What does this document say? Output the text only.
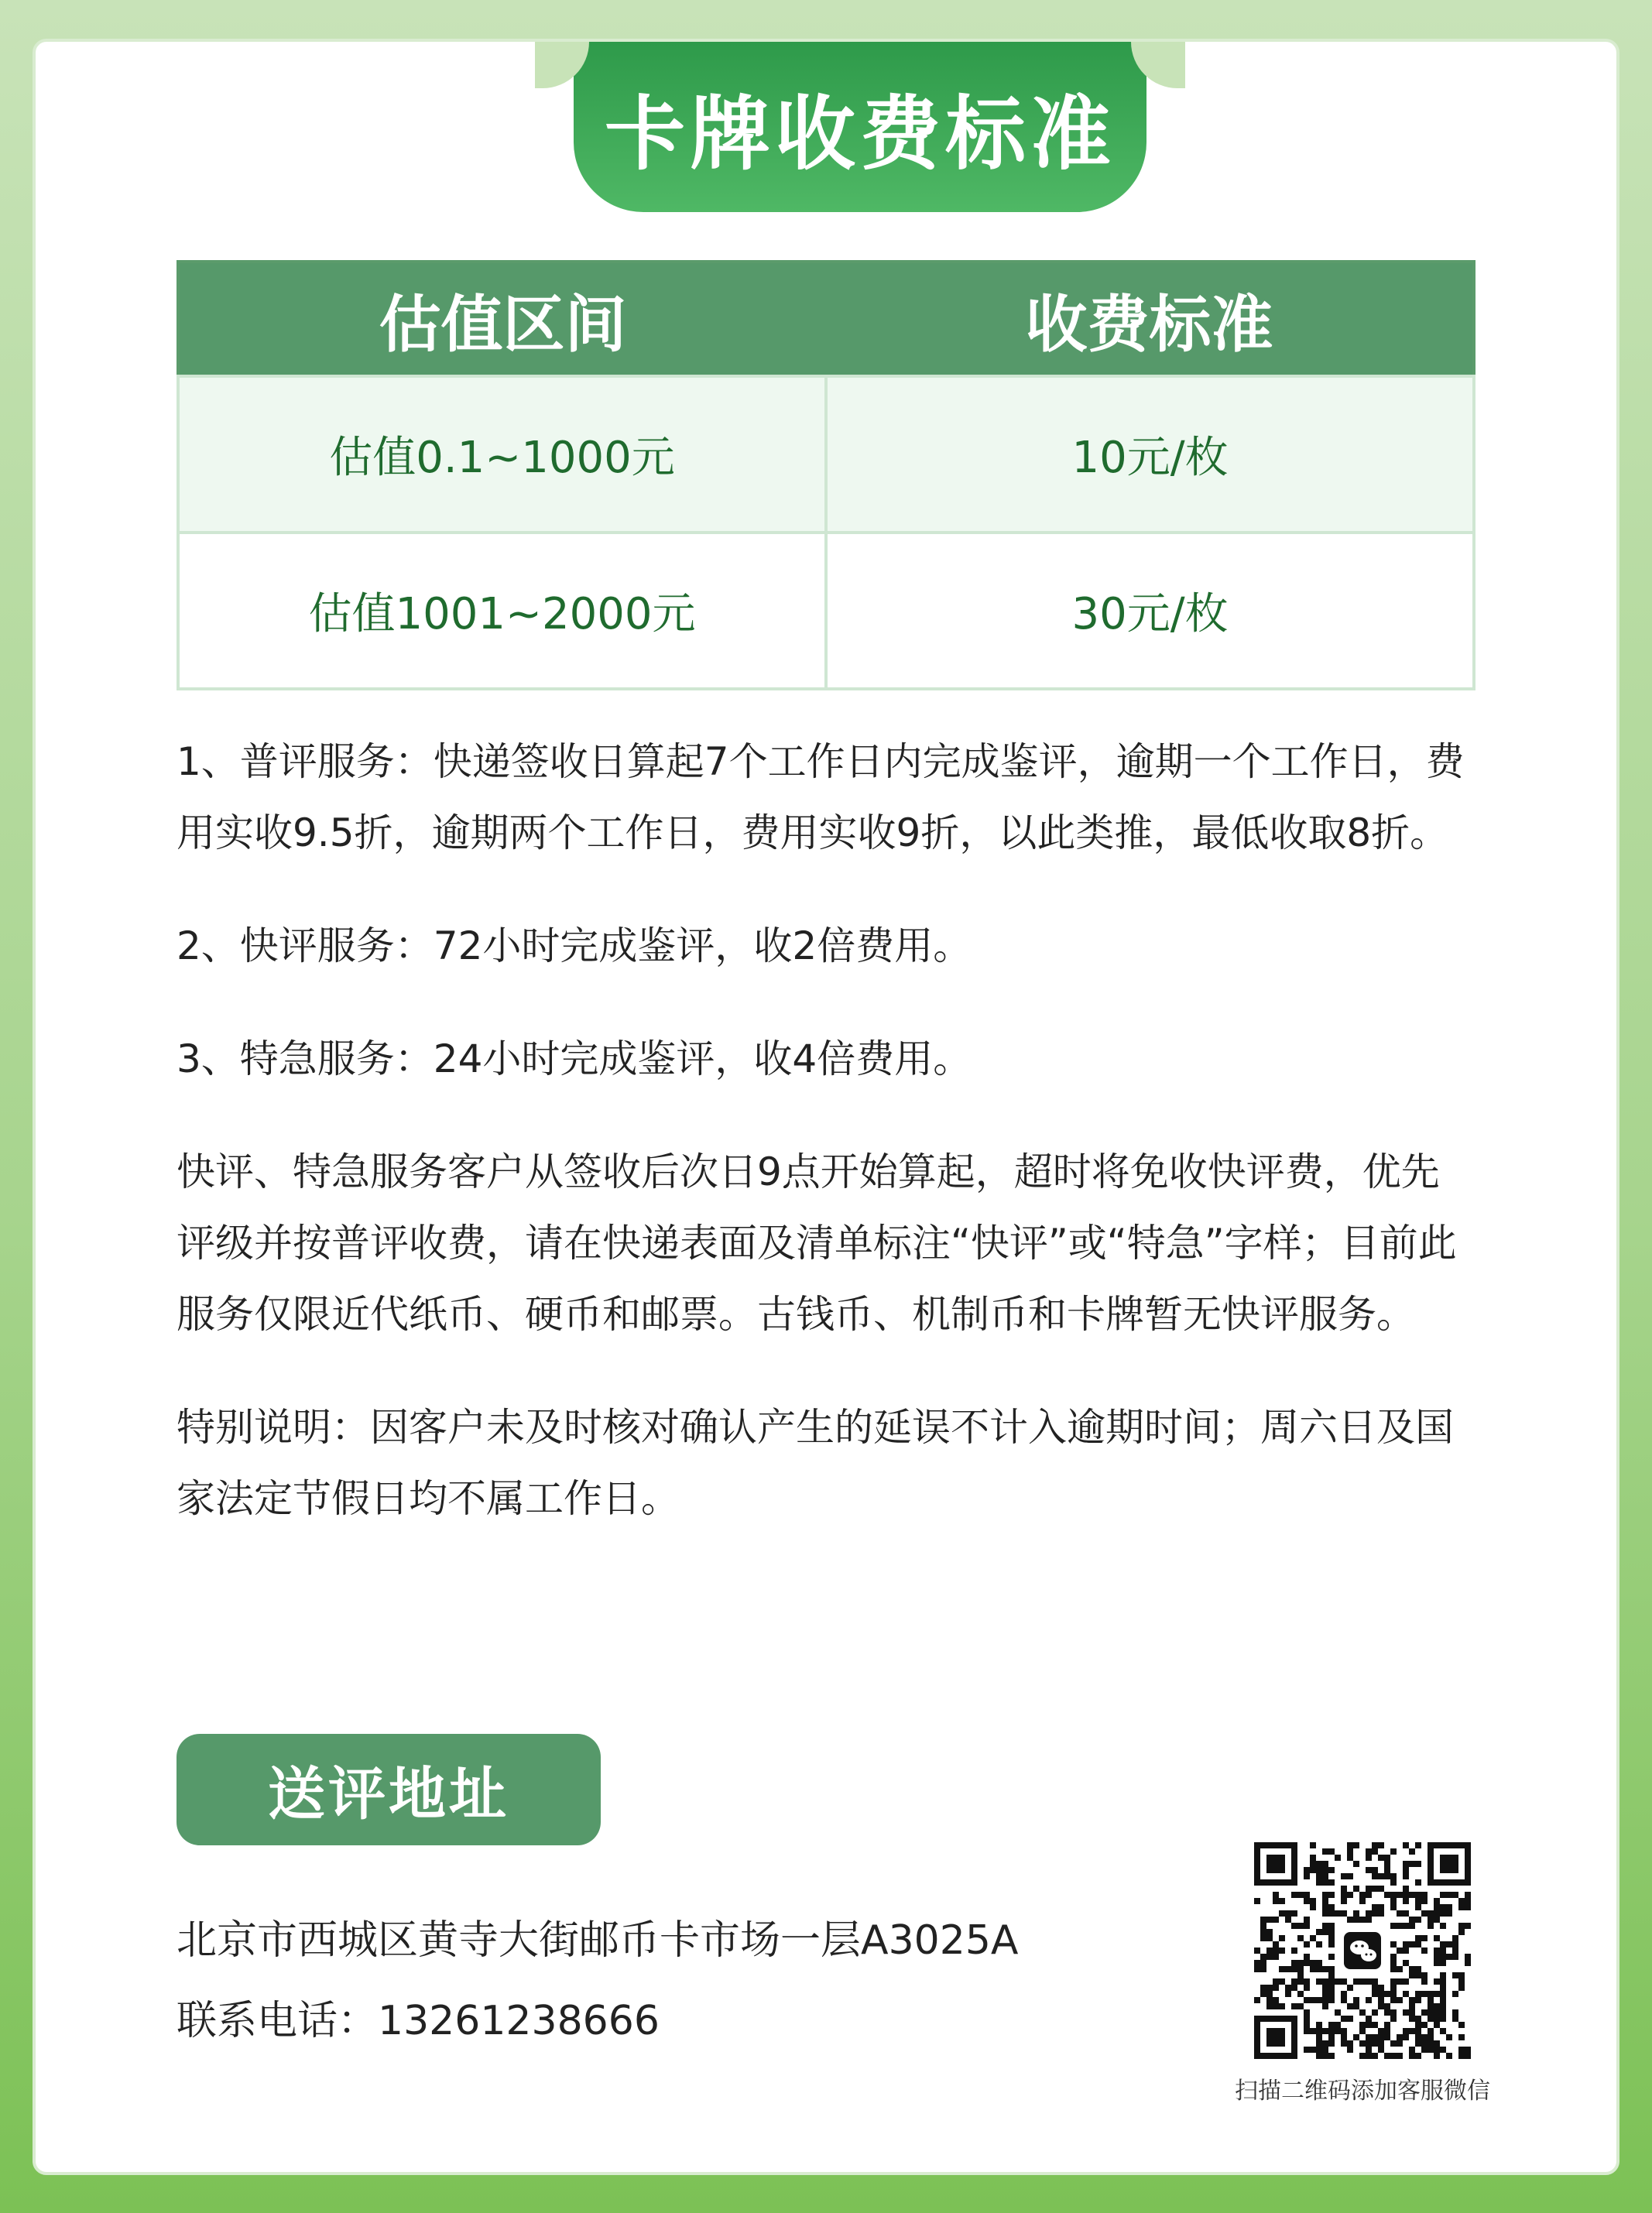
卡牌收费标准
估值区间	收费标准
估值0.1~1000元	10元/枚
估值1001~2000元	30元/枚

1、普评服务：快递签收日算起7个工作日内完成鉴评，逾期一个工作日，费用实收9.5折，逾期两个工作日，费用实收9折，以此类推，最低收取8折。

2、快评服务：72小时完成鉴评，收2倍费用。

3、特急服务：24小时完成鉴评，收4倍费用。

快评、特急服务客户从签收后次日9点开始算起，超时将免收快评费，优先评级并按普评收费，请在快递表面及清单标注“快评”或“特急”字样；目前此服务仅限近代纸币、硬币和邮票。古钱币、机制币和卡牌暂无快评服务。

特别说明：因客户未及时核对确认产生的延误不计入逾期时间；周六日及国家法定节假日均不属工作日。

送评地址
北京市西城区黄寺大街邮币卡市场一层A3025A
联系电话：13261238666
扫描二维码添加客服微信
